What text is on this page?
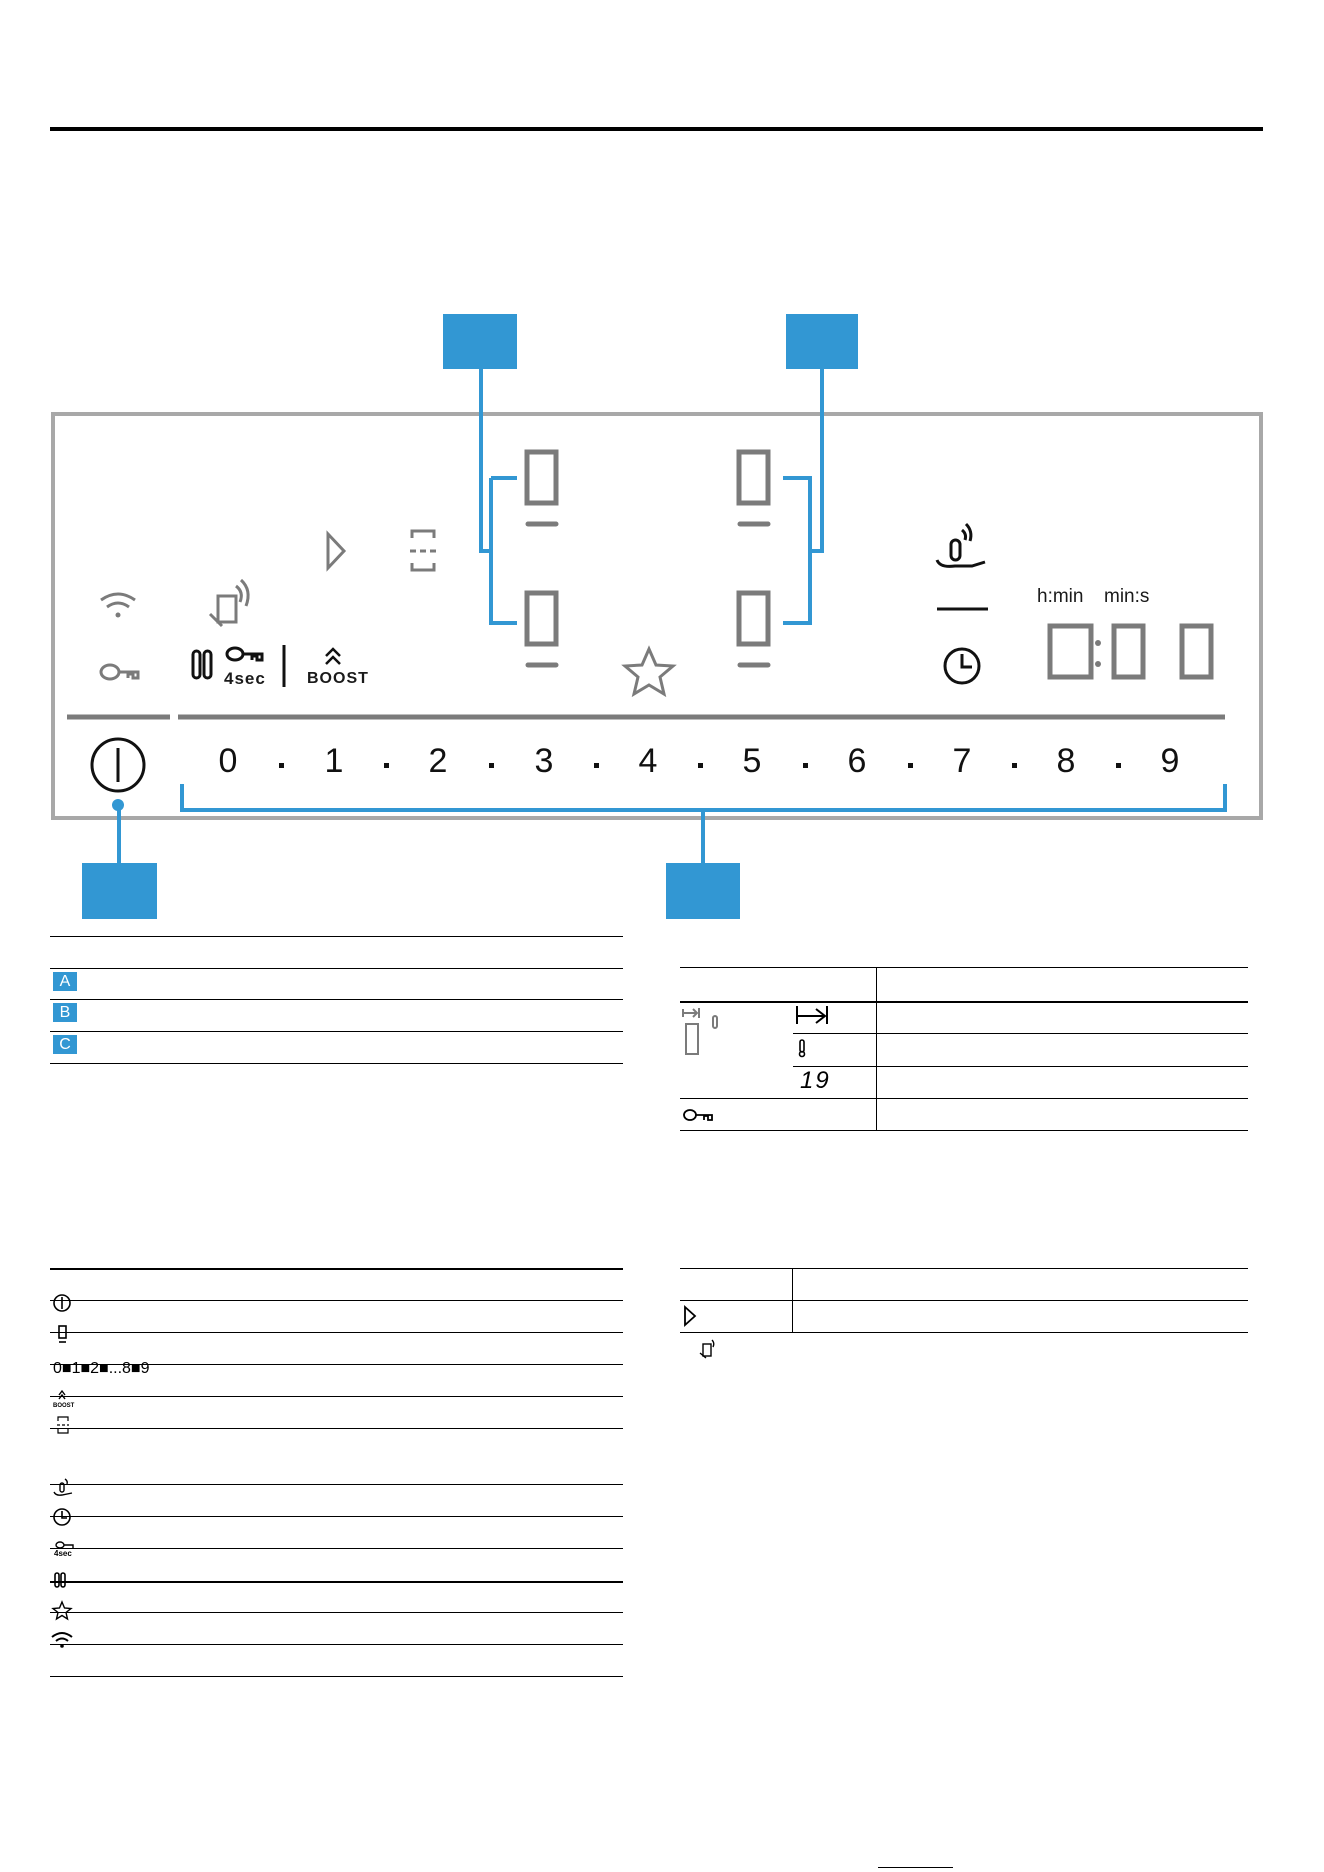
4sec	BOOST
h:min min:s
0	1	2	3	4	5	6	7	8	9
A
B
C
BOOST
4sec
0■1■2■...8■9
19
